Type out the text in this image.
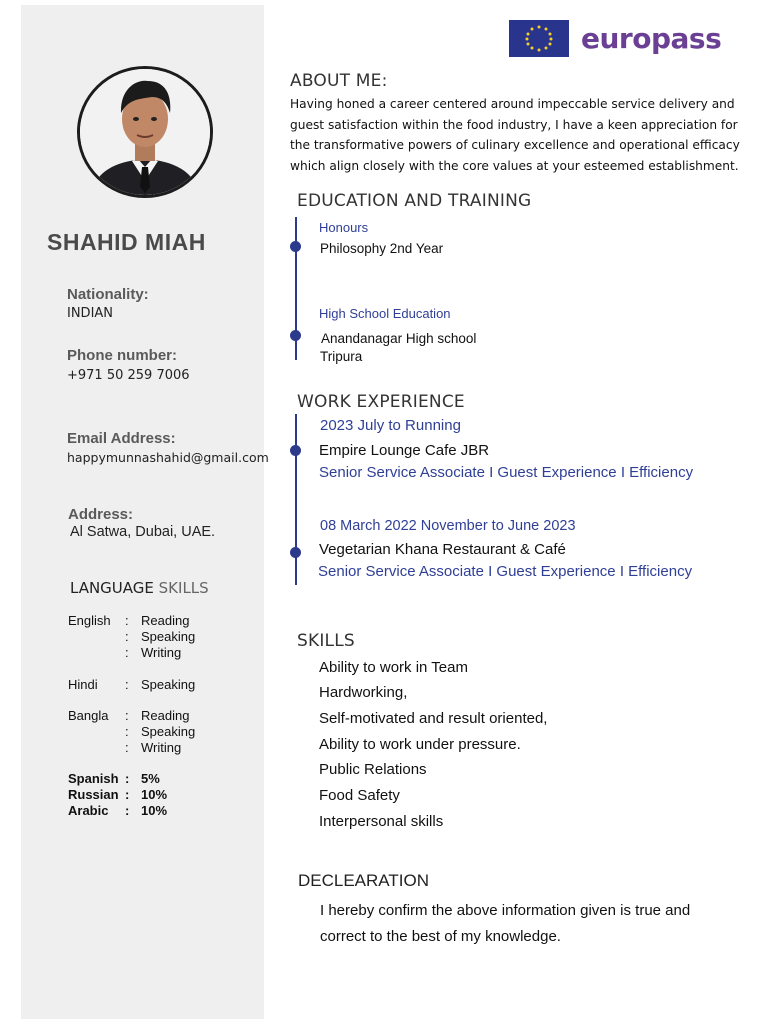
SHAHID MIAH
Nationality:
INDIAN
Phone number:
+971 50 259 7006
Email Address:
happymunnashahid@gmail.com
Address:
Al Satwa, Dubai, UAE.
LANGUAGE SKILLS
English : Reading
: Speaking
: Writing
Hindi : Speaking
Bangla : Reading
: Speaking
: Writing
Spanish : 5%
Russian : 10%
Arabic : 10%
europass
ABOUT ME:
Having honed a career centered around impeccable service delivery and
guest satisfaction within the food industry, I have a keen appreciation for
the transformative powers of culinary excellence and operational efficacy
which align closely with the core values at your esteemed establishment.
EDUCATION AND TRAINING
Honours
Philosophy 2nd Year
High School Education
Anandanagar High school
Tripura
WORK EXPERIENCE
2023 July to Running
Empire Lounge Cafe JBR
Senior Service Associate I Guest Experience I Efficiency
08 March 2022 November to June 2023
Vegetarian Khana Restaurant & Café
Senior Service Associate I Guest Experience I Efficiency
SKILLS
Ability to work in Team
Hardworking,
Self-motivated and result oriented,
Ability to work under pressure.
Public Relations
Food Safety
Interpersonal skills
DECLEARATION
I hereby confirm the above information given is true and
correct to the best of my knowledge.
